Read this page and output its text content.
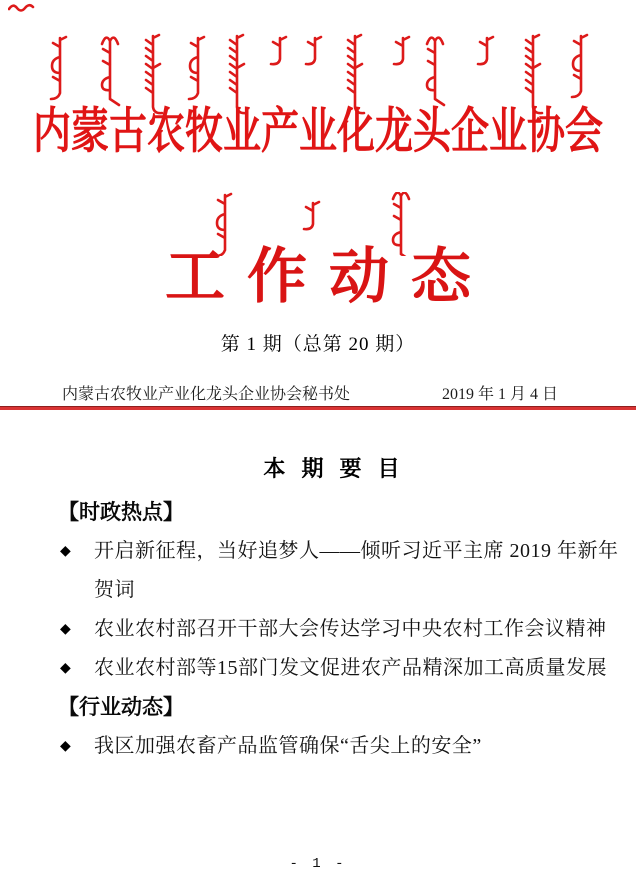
内蒙古农牧业产业化龙头企业协会
工作动态
第 1 期（总第 20 期）
内蒙古农牧业产业化龙头企业协会秘书处	2019 年 1 月 4 日
本 期 要 目
【时政热点】
◆ 开启新征程，当好追梦人——倾听习近平主席 2019 年新年
贺词
◆ 农业农村部召开干部大会传达学习中央农村工作会议精神
◆ 农业农村部等15部门发文促进农产品精深加工高质量发展
【行业动态】
◆ 我区加强农畜产品监管确保“舌尖上的安全”
- 1 -
